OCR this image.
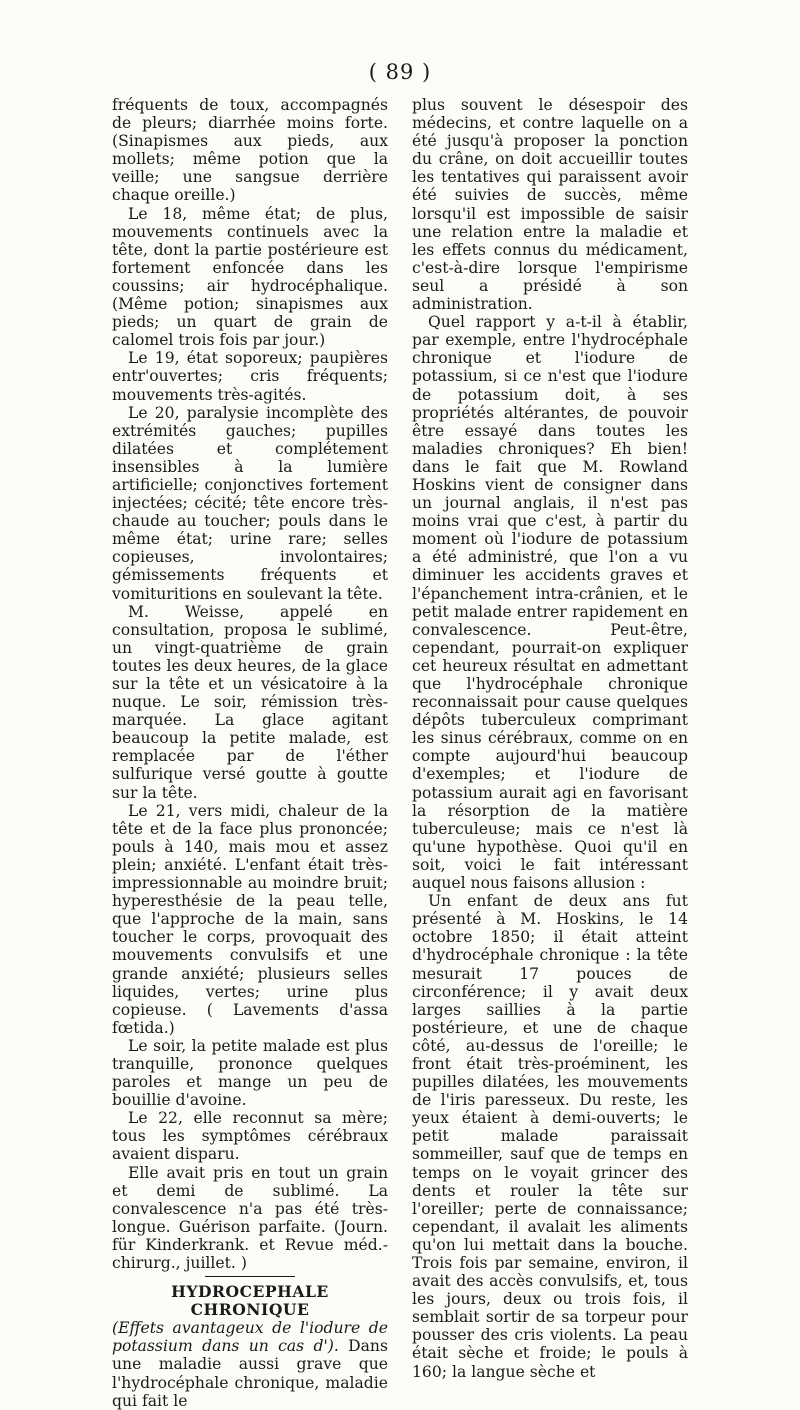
( 89 )

fréquents de toux, accompagnés de pleurs; diarrhée moins forte. (Sinapismes aux pieds, aux mollets; même potion que la veille; une sangsue derrière chaque oreille.)

Le 18, même état; de plus, mouvements continuels avec la tête, dont la partie postérieure est fortement enfoncée dans les coussins; air hydrocéphalique. (Même potion; sinapismes aux pieds; un quart de grain de calomel trois fois par jour.)

Le 19, état soporeux; paupières entr'ouvertes; cris fréquents; mouvements très-agités.

Le 20, paralysie incomplète des extrémités gauches; pupilles dilatées et complétement insensibles à la lumière artificielle; conjonctives fortement injectées; cécité; tête encore très-chaude au toucher; pouls dans le même état; urine rare; selles copieuses, involontaires; gémissements fréquents et vomituritions en soulevant la tête.

M. Weisse, appelé en consultation, proposa le sublimé, un vingt-quatrième de grain toutes les deux heures, de la glace sur la tête et un vésicatoire à la nuque. Le soir, rémission très-marquée. La glace agitant beaucoup la petite malade, est remplacée par de l'éther sulfurique versé goutte à goutte sur la tête.

Le 21, vers midi, chaleur de la tête et de la face plus prononcée; pouls à 140, mais mou et assez plein; anxiété. L'enfant était très-impressionnable au moindre bruit; hyperesthésie de la peau telle, que l'approche de la main, sans toucher le corps, provoquait des mouvements convulsifs et une grande anxiété; plusieurs selles liquides, vertes; urine plus copieuse. ( Lavements d'assa fœtida.)

Le soir, la petite malade est plus tranquille, prononce quelques paroles et mange un peu de bouillie d'avoine.

Le 22, elle reconnut sa mère; tous les symptômes cérébraux avaient disparu.

Elle avait pris en tout un grain et demi de sublimé. La convalescence n'a pas été très-longue. Guérison parfaite. (Journ. für Kinderkrank. et Revue méd.-chirurg., juillet. )

HYDROCEPHALE CHRONIQUE

(Effets avantageux de l'iodure de potassium dans un cas d'). Dans une maladie aussi grave que l'hydrocéphale chronique, maladie qui fait le

plus souvent le désespoir des médecins, et contre laquelle on a été jusqu'à proposer la ponction du crâne, on doit accueillir toutes les tentatives qui paraissent avoir été suivies de succès, même lorsqu'il est impossible de saisir une relation entre la maladie et les effets connus du médicament, c'est-à-dire lorsque l'empirisme seul a présidé à son administration.

Quel rapport y a-t-il à établir, par exemple, entre l'hydrocéphale chronique et l'iodure de potassium, si ce n'est que l'iodure de potassium doit, à ses propriétés altérantes, de pouvoir être essayé dans toutes les maladies chroniques? Eh bien! dans le fait que M. Rowland Hoskins vient de consigner dans un journal anglais, il n'est pas moins vrai que c'est, à partir du moment où l'iodure de potassium a été administré, que l'on a vu diminuer les accidents graves et l'épanchement intra-crânien, et le petit malade entrer rapidement en convalescence. Peut-être, cependant, pourrait-on expliquer cet heureux résultat en admettant que l'hydrocéphale chronique reconnaissait pour cause quelques dépôts tuberculeux comprimant les sinus cérébraux, comme on en compte aujourd'hui beaucoup d'exemples; et l'iodure de potassium aurait agi en favorisant la résorption de la matière tuberculeuse; mais ce n'est là qu'une hypothèse. Quoi qu'il en soit, voici le fait intéressant auquel nous faisons allusion :

Un enfant de deux ans fut présenté à M. Hoskins, le 14 octobre 1850; il était atteint d'hydrocéphale chronique : la tête mesurait 17 pouces de circonférence; il y avait deux larges saillies à la partie postérieure, et une de chaque côté, au-dessus de l'oreille; le front était très-proéminent, les pupilles dilatées, les mouvements de l'iris paresseux. Du reste, les yeux étaient à demi-ouverts; le petit malade paraissait sommeiller, sauf que de temps en temps on le voyait grincer des dents et rouler la tête sur l'oreiller; perte de connaissance; cependant, il avalait les aliments qu'on lui mettait dans la bouche. Trois fois par semaine, environ, il avait des accès convulsifs, et, tous les jours, deux ou trois fois, il semblait sortir de sa torpeur pour pousser des cris violents. La peau était sèche et froide; le pouls à 160; la langue sèche et
